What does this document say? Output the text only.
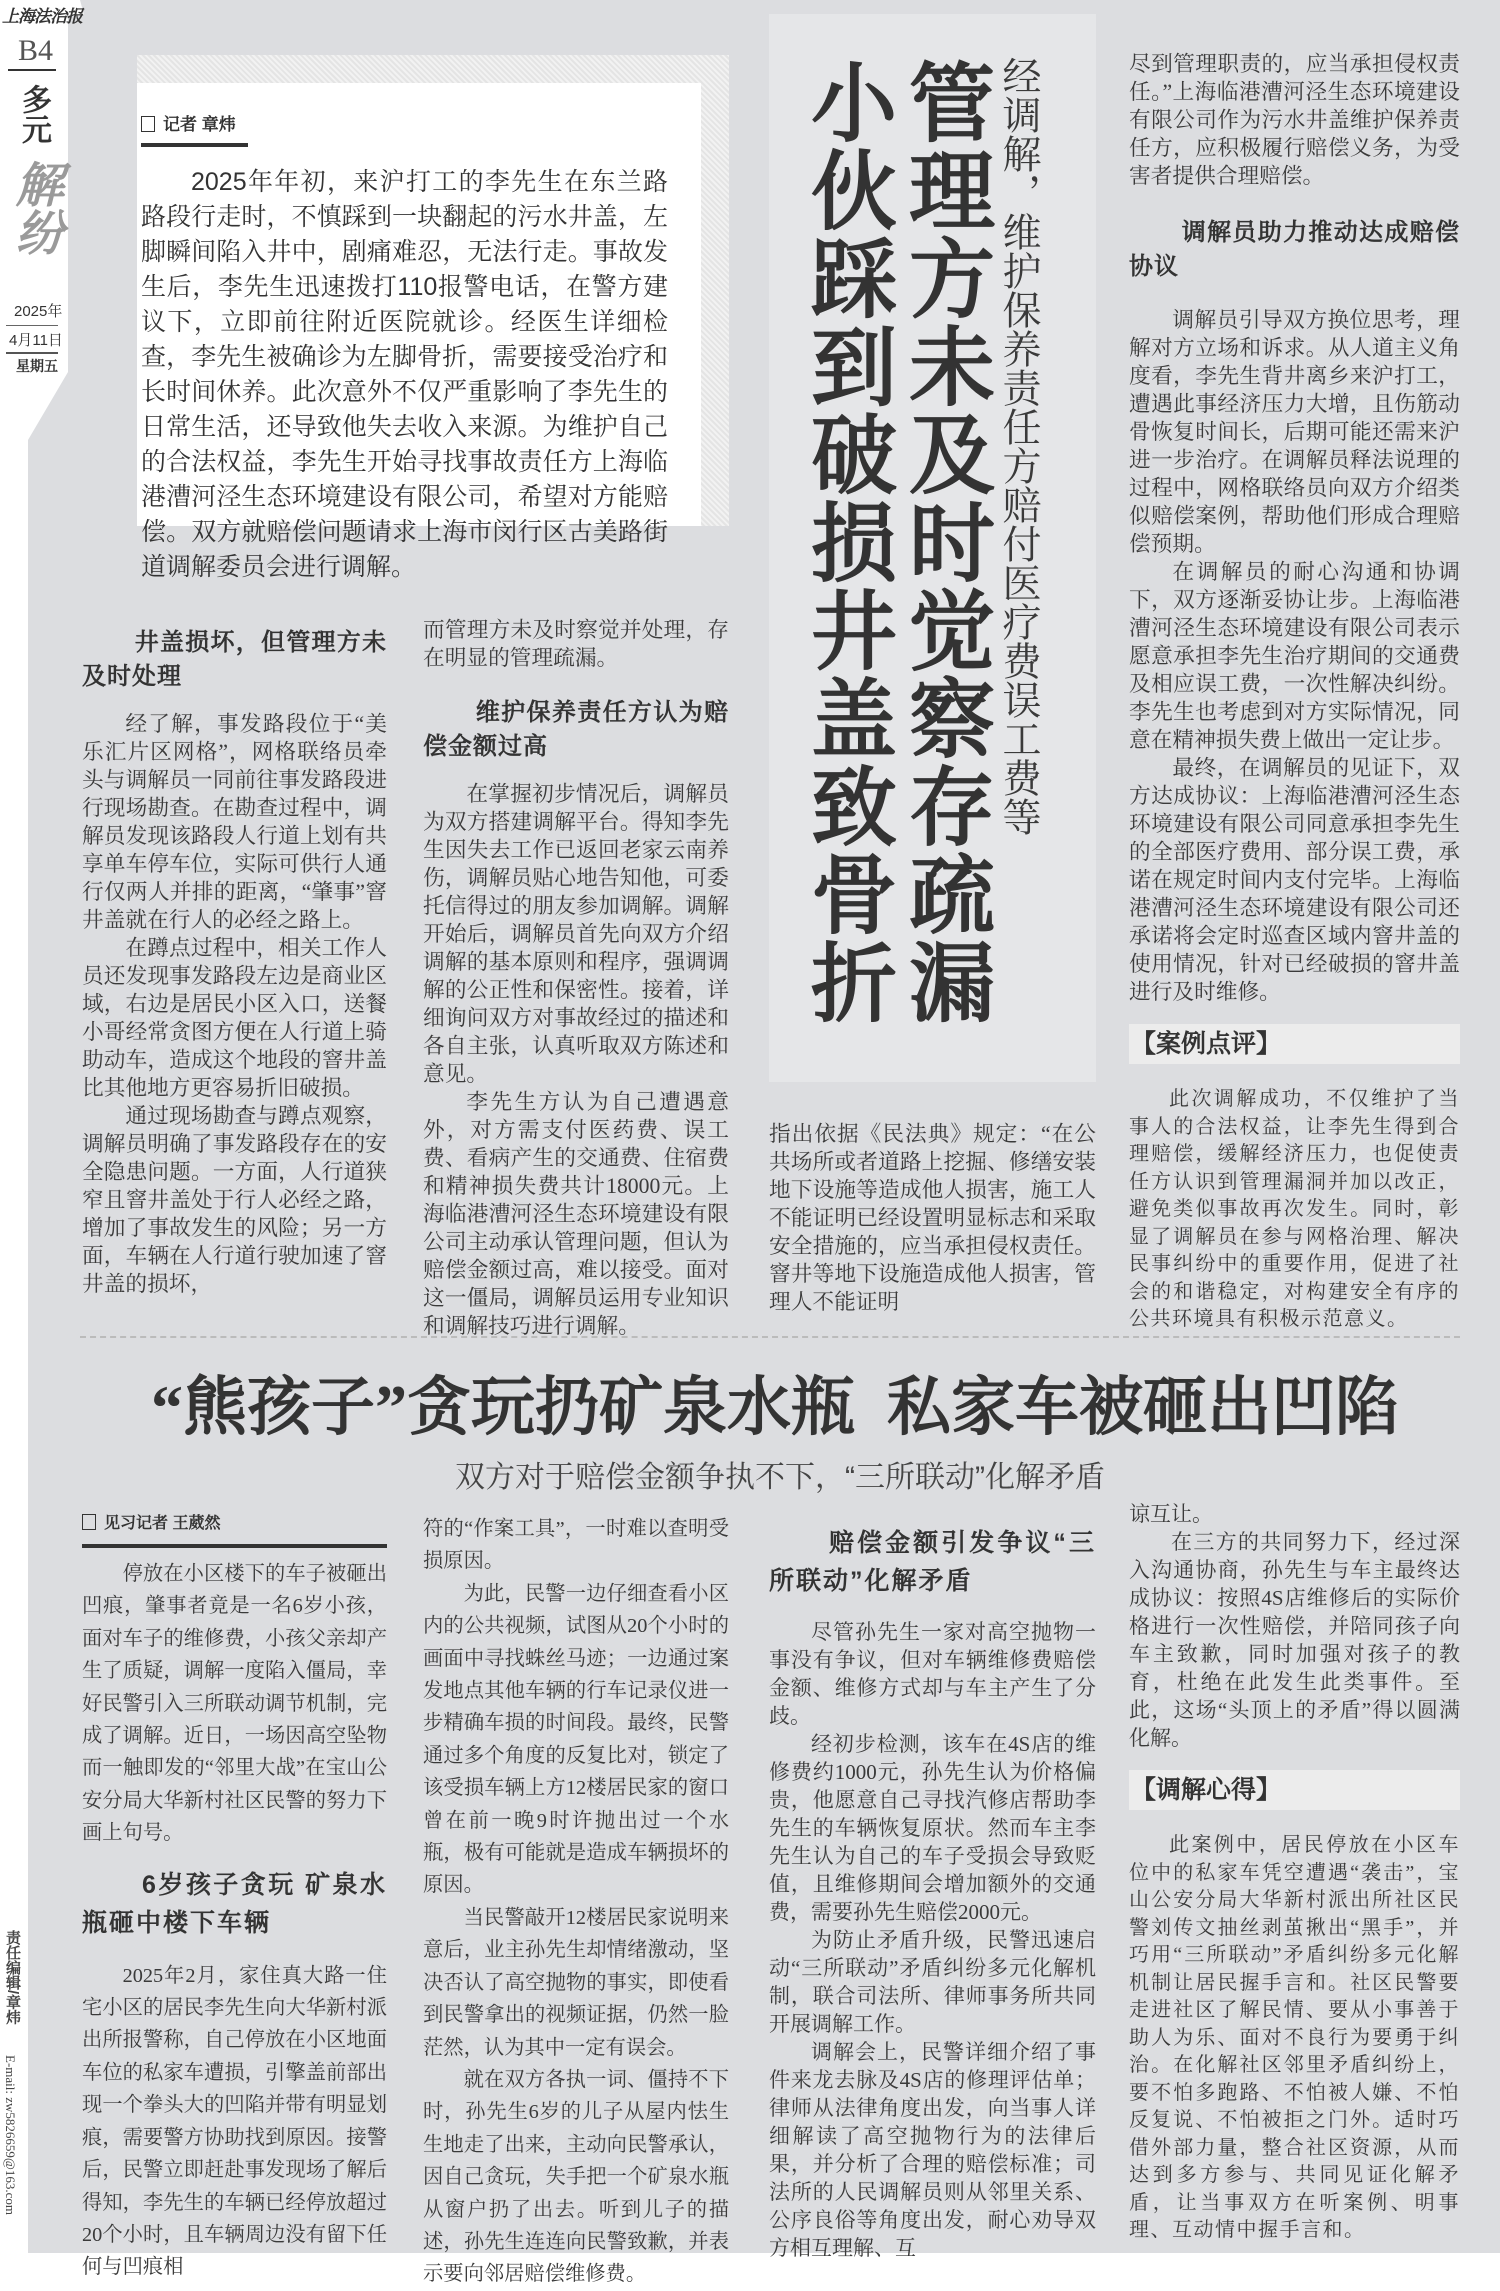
上海法治报
B4
多元
解纷
2025年
4月11日
星期五
责任编辑/章炜
E-mail: zw5826659@163.com
记者 章炜
2025年年初，来沪打工的李先生在东兰路路段行走时，不慎踩到一块翻起的污水井盖，左脚瞬间陷入井中，剧痛难忍，无法行走。事故发生后，李先生迅速拨打110报警电话，在警方建议下，立即前往附近医院就诊。经医生详细检查，李先生被确诊为左脚骨折，需要接受治疗和长时间休养。此次意外不仅严重影响了李先生的日常生活，还导致他失去收入来源。为维护自己的合法权益，李先生开始寻找事故责任方上海临港漕河泾生态环境建设有限公司，希望对方能赔偿。双方就赔偿问题请求上海市闵行区古美路街道调解委员会进行调解。	经调解，维护保养责任方赔付医疗费误工费等
管理方未及时觉察存疏漏
小伙踩到破损井盖致骨折
井盖损坏，但管理方未及时处理

经了解，事发路段位于“美乐汇片区网格”，网格联络员牵头与调解员一同前往事发路段进行现场勘查。在勘查过程中，调解员发现该路段人行道上划有共享单车停车位，实际可供行人通行仅两人并排的距离，“肇事”窨井盖就在行人的必经之路上。

在蹲点过程中，相关工作人员还发现事发路段左边是商业区域，右边是居民小区入口，送餐小哥经常贪图方便在人行道上骑助动车，造成这个地段的窨井盖比其他地方更容易折旧破损。

通过现场勘查与蹲点观察，调解员明确了事发路段存在的安全隐患问题。一方面，人行道狭窄且窨井盖处于行人必经之路，增加了事故发生的风险；另一方面，车辆在人行道行驶加速了窨井盖的损坏，

而管理方未及时察觉并处理，存在明显的管理疏漏。

维护保养责任方认为赔偿金额过高

在掌握初步情况后，调解员为双方搭建调解平台。得知李先生因失去工作已返回老家云南养伤，调解员贴心地告知他，可委托信得过的朋友参加调解。调解开始后，调解员首先向双方介绍调解的基本原则和程序，强调调解的公正性和保密性。接着，详细询问双方对事故经过的描述和各自主张，认真听取双方陈述和意见。

李先生方认为自己遭遇意外，对方需支付医药费、误工费、看病产生的交通费、住宿费和精神损失费共计18000元。上海临港漕河泾生态环境建设有限公司主动承认管理问题，但认为赔偿金额过高，难以接受。面对这一僵局，调解员运用专业知识和调解技巧进行调解。

指出依据《民法典》规定：“在公共场所或者道路上挖掘、修缮安装地下设施等造成他人损害，施工人不能证明已经设置明显标志和采取安全措施的，应当承担侵权责任。窨井等地下设施造成他人损害，管理人不能证明

尽到管理职责的，应当承担侵权责任。”上海临港漕河泾生态环境建设有限公司作为污水井盖维护保养责任方，应积极履行赔偿义务，为受害者提供合理赔偿。

调解员助力推动达成赔偿协议

调解员引导双方换位思考，理解对方立场和诉求。从人道主义角度看，李先生背井离乡来沪打工，遭遇此事经济压力大增，且伤筋动骨恢复时间长，后期可能还需来沪进一步治疗。在调解员释法说理的过程中，网格联络员向双方介绍类似赔偿案例，帮助他们形成合理赔偿预期。

在调解员的耐心沟通和协调下，双方逐渐妥协让步。上海临港漕河泾生态环境建设有限公司表示愿意承担李先生治疗期间的交通费及相应误工费，一次性解决纠纷。李先生也考虑到对方实际情况，同意在精神损失费上做出一定让步。

最终，在调解员的见证下，双方达成协议：上海临港漕河泾生态环境建设有限公司同意承担李先生的全部医疗费用、部分误工费，承诺在规定时间内支付完毕。上海临港漕河泾生态环境建设有限公司还承诺将会定时巡查区域内窨井盖的使用情况，针对已经破损的窨井盖进行及时维修。

【案例点评】

此次调解成功，不仅维护了当事人的合法权益，让李先生得到合理赔偿，缓解经济压力，也促使责任方认识到管理漏洞并加以改正，避免类似事故再次发生。同时，彰显了调解员在参与网格治理、解决民事纠纷中的重要作用，促进了社会的和谐稳定，对构建安全有序的公共环境具有积极示范意义。

“熊孩子”贪玩扔矿泉水瓶  私家车被砸出凹陷
双方对于赔偿金额争执不下，“三所联动”化解矛盾
见习记者 王葳然

停放在小区楼下的车子被砸出凹痕，肇事者竟是一名6岁小孩，面对车子的维修费，小孩父亲却产生了质疑，调解一度陷入僵局，幸好民警引入三所联动调节机制，完成了调解。近日，一场因高空坠物而一触即发的“邻里大战”在宝山公安分局大华新村社区民警的努力下画上句号。

6岁孩子贪玩 矿泉水瓶砸中楼下车辆

2025年2月，家住真大路一住宅小区的居民李先生向大华新村派出所报警称，自己停放在小区地面车位的私家车遭损，引擎盖前部出现一个拳头大的凹陷并带有明显划痕，需要警方协助找到原因。接警后，民警立即赶赴事发现场了解后得知，李先生的车辆已经停放超过20个小时，且车辆周边没有留下任何与凹痕相

符的“作案工具”，一时难以查明受损原因。

为此，民警一边仔细查看小区内的公共视频，试图从20个小时的画面中寻找蛛丝马迹；一边通过案发地点其他车辆的行车记录仪进一步精确车损的时间段。最终，民警通过多个角度的反复比对，锁定了该受损车辆上方12楼居民家的窗口曾在前一晚9时许抛出过一个水瓶，极有可能就是造成车辆损坏的原因。

当民警敲开12楼居民家说明来意后，业主孙先生却情绪激动，坚决否认了高空抛物的事实，即使看到民警拿出的视频证据，仍然一脸茫然，认为其中一定有误会。

就在双方各执一词、僵持不下时，孙先生6岁的儿子从屋内怯生生地走了出来，主动向民警承认，因自己贪玩，失手把一个矿泉水瓶从窗户扔了出去。听到儿子的描述，孙先生连连向民警致歉，并表示要向邻居赔偿维修费。

赔偿金额引发争议“三所联动”化解矛盾

尽管孙先生一家对高空抛物一事没有争议，但对车辆维修费赔偿金额、维修方式却与车主产生了分歧。

经初步检测，该车在4S店的维修费约1000元，孙先生认为价格偏贵，他愿意自己寻找汽修店帮助李先生的车辆恢复原状。然而车主李先生认为自己的车子受损会导致贬值，且维修期间会增加额外的交通费，需要孙先生赔偿2000元。

为防止矛盾升级，民警迅速启动“三所联动”矛盾纠纷多元化解机制，联合司法所、律师事务所共同开展调解工作。

调解会上，民警详细介绍了事件来龙去脉及4S店的修理评估单；律师从法律角度出发，向当事人详细解读了高空抛物行为的法律后果，并分析了合理的赔偿标准；司法所的人民调解员则从邻里关系、公序良俗等角度出发，耐心劝导双方相互理解、互

谅互让。

在三方的共同努力下，经过深入沟通协商，孙先生与车主最终达成协议：按照4S店维修后的实际价格进行一次性赔偿，并陪同孩子向车主致歉，同时加强对孩子的教育，杜绝在此发生此类事件。至此，这场“头顶上的矛盾”得以圆满化解。

【调解心得】

此案例中，居民停放在小区车位中的私家车凭空遭遇“袭击”，宝山公安分局大华新村派出所社区民警刘传文抽丝剥茧揪出“黑手”，并巧用“三所联动”矛盾纠纷多元化解机制让居民握手言和。社区民警要走进社区了解民情、要从小事善于助人为乐、面对不良行为要勇于纠治。在化解社区邻里矛盾纠纷上，要不怕多跑路、不怕被人嫌、不怕反复说、不怕被拒之门外。适时巧借外部力量，整合社区资源，从而达到多方参与、共同见证化解矛盾，让当事双方在听案例、明事理、互动情中握手言和。
